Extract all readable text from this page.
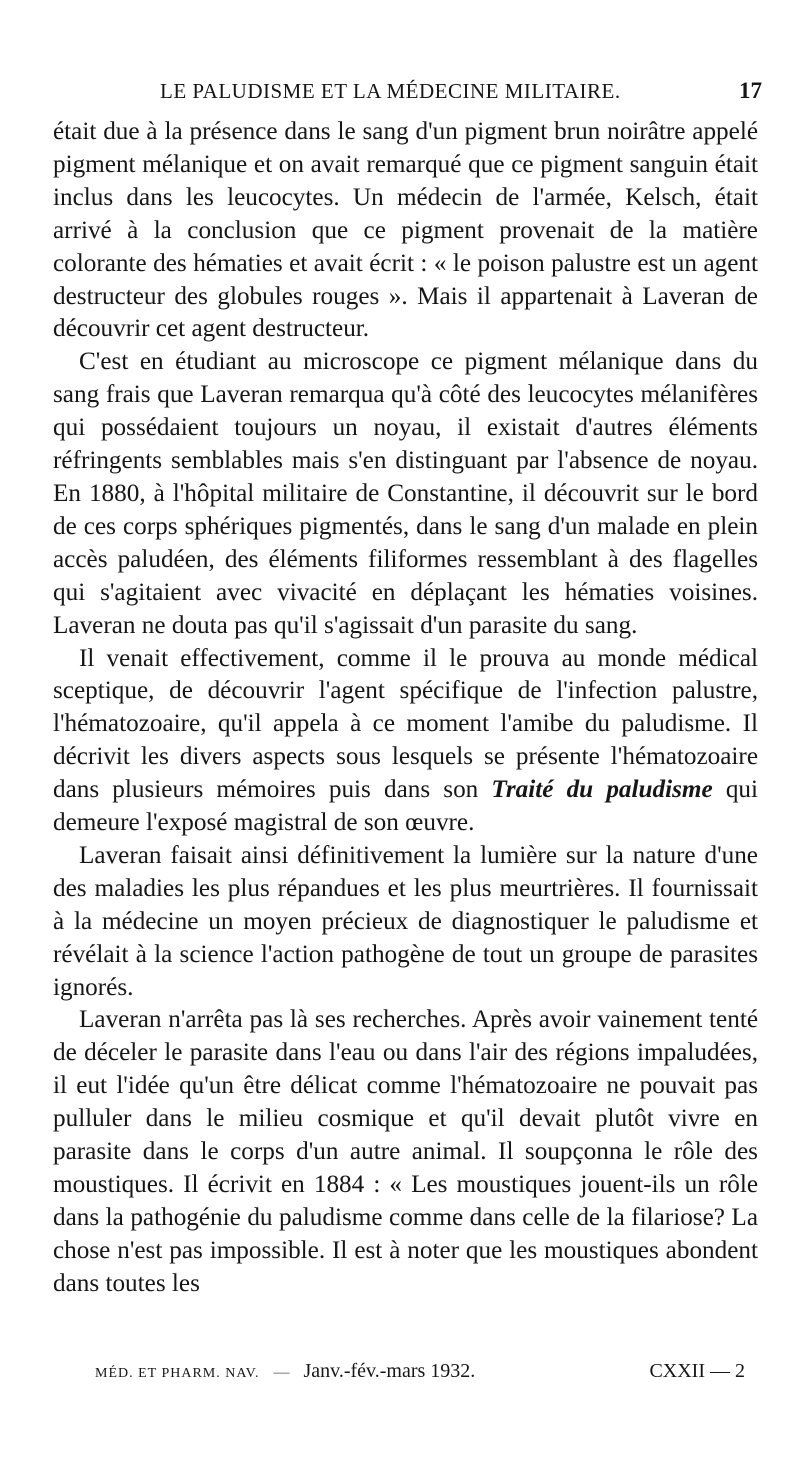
LE PALUDISME ET LA MÉDECINE MILITAIRE.	17

était due à la présence dans le sang d'un pigment brun noirâtre appelé pigment mélanique et on avait remarqué que ce pigment sanguin était inclus dans les leucocytes. Un médecin de l'armée, Kelsch, était arrivé à la conclusion que ce pigment provenait de la matière colorante des hématies et avait écrit : « le poison palustre est un agent destructeur des globules rouges ». Mais il appartenait à Laveran de découvrir cet agent destructeur.

C'est en étudiant au microscope ce pigment mélanique dans du sang frais que Laveran remarqua qu'à côté des leucocytes mélanifères qui possédaient toujours un noyau, il existait d'autres éléments réfringents semblables mais s'en distinguant par l'absence de noyau. En 1880, à l'hôpital militaire de Constantine, il découvrit sur le bord de ces corps sphériques pigmentés, dans le sang d'un malade en plein accès paludéen, des éléments filiformes ressemblant à des flagelles qui s'agitaient avec vivacité en déplaçant les hématies voisines. Laveran ne douta pas qu'il s'agissait d'un parasite du sang.

Il venait effectivement, comme il le prouva au monde médical sceptique, de découvrir l'agent spécifique de l'infection palustre, l'hématozoaire, qu'il appela à ce moment l'amibe du paludisme. Il décrivit les divers aspects sous lesquels se présente l'hématozoaire dans plusieurs mémoires puis dans son Traité du paludisme qui demeure l'exposé magistral de son œuvre.

Laveran faisait ainsi définitivement la lumière sur la nature d'une des maladies les plus répandues et les plus meurtrières. Il fournissait à la médecine un moyen précieux de diagnostiquer le paludisme et révélait à la science l'action pathogène de tout un groupe de parasites ignorés.

Laveran n'arrêta pas là ses recherches. Après avoir vainement tenté de déceler le parasite dans l'eau ou dans l'air des régions impaludées, il eut l'idée qu'un être délicat comme l'hématozoaire ne pouvait pas pulluler dans le milieu cosmique et qu'il devait plutôt vivre en parasite dans le corps d'un autre animal. Il soupçonna le rôle des moustiques. Il écrivit en 1884 : « Les moustiques jouent-ils un rôle dans la pathogénie du paludisme comme dans celle de la filariose? La chose n'est pas impossible. Il est à noter que les moustiques abondent dans toutes les

MÉD. ET PHARM. NAV. — Janv.-fév.-mars 1932.	CXXII — 2
